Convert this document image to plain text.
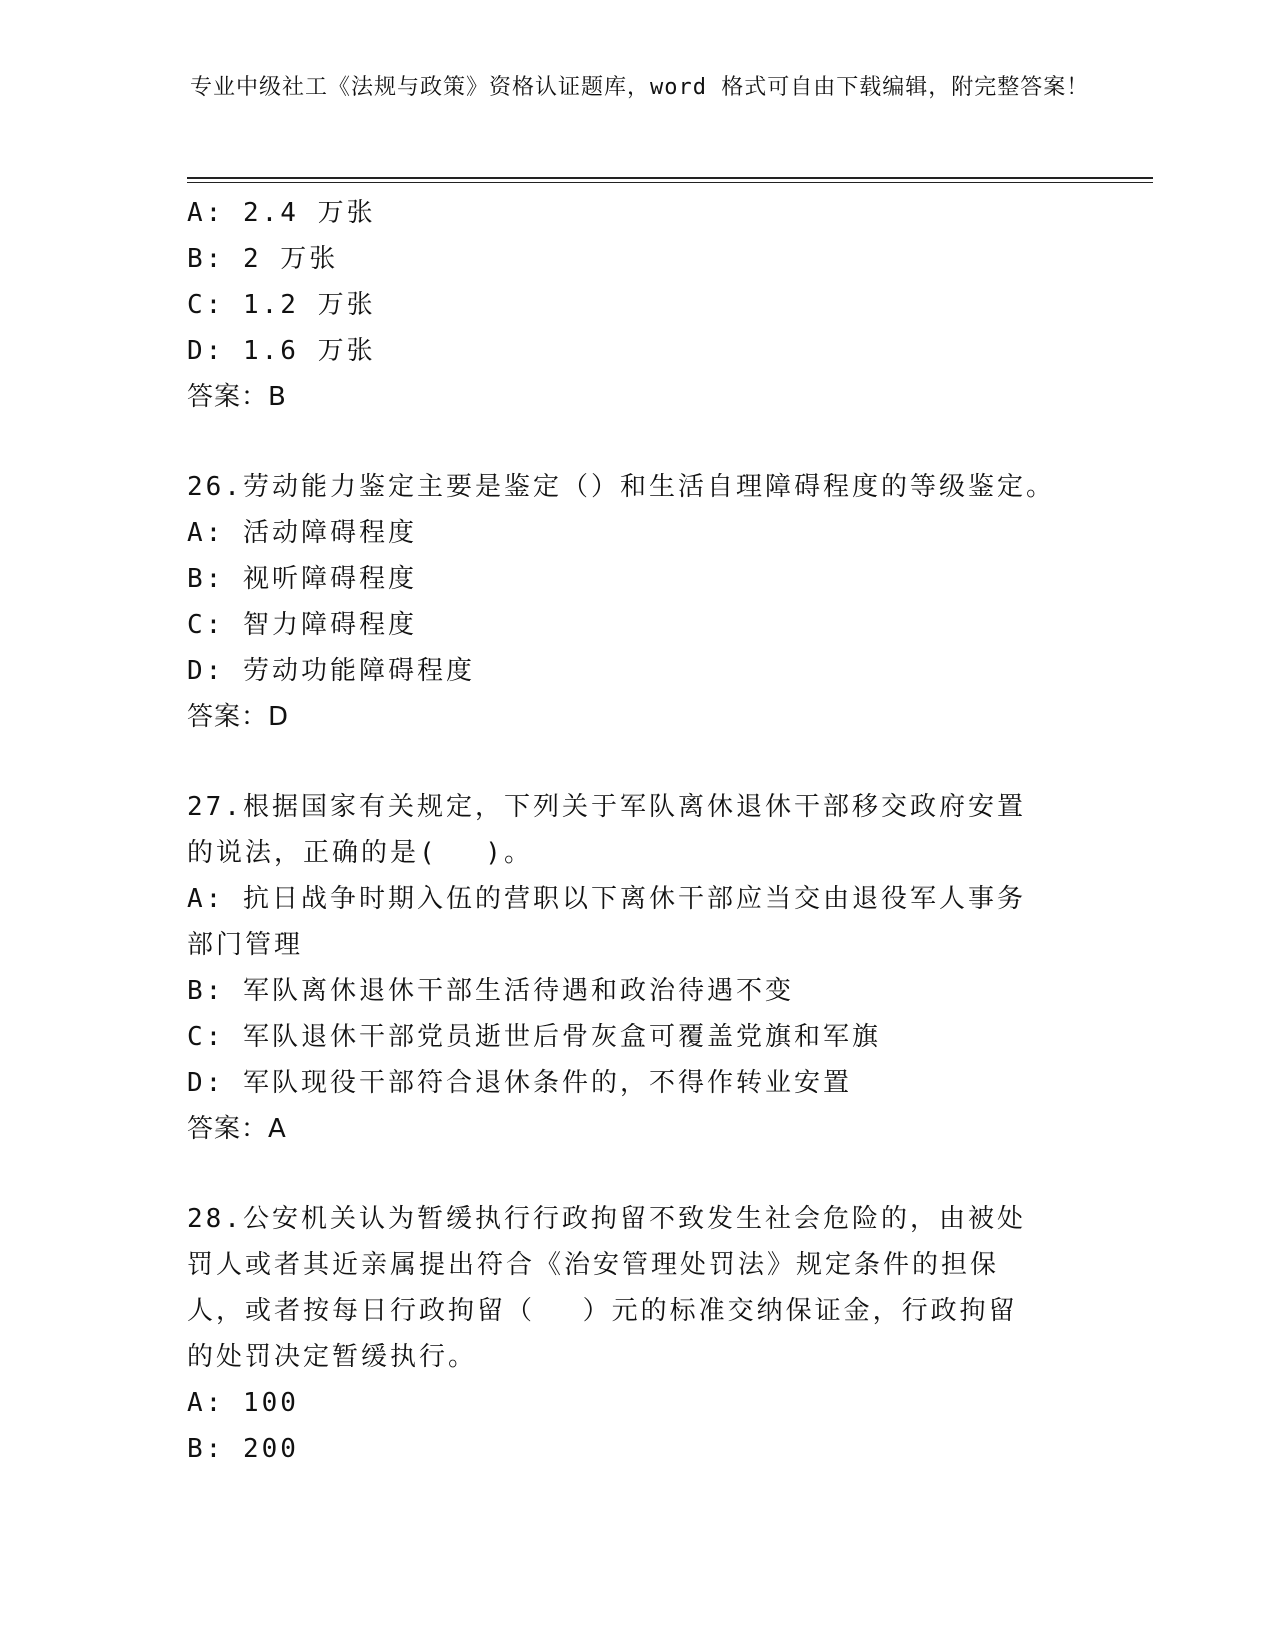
专业中级社工《法规与政策》资格认证题库，word 格式可自由下载编辑，附完整答案！
A: 2.4 万张
B: 2 万张
C: 1.2 万张
D: 1.6 万张
答案：B
26.劳动能力鉴定主要是鉴定（）和生活自理障碍程度的等级鉴定。
A: 活动障碍程度
B: 视听障碍程度
C: 智力障碍程度
D: 劳动功能障碍程度
答案：D
27.根据国家有关规定，下列关于军队离休退休干部移交政府安置的说法，正确的是(　 )。
A: 抗日战争时期入伍的营职以下离休干部应当交由退役军人事务部门管理
B: 军队离休退休干部生活待遇和政治待遇不变
C: 军队退休干部党员逝世后骨灰盒可覆盖党旗和军旗
D: 军队现役干部符合退休条件的，不得作转业安置
答案：A
28.公安机关认为暂缓执行行政拘留不致发生社会危险的，由被处罚人或者其近亲属提出符合《治安管理处罚法》规定条件的担保人，或者按每日行政拘留（　 ）元的标准交纳保证金，行政拘留的处罚决定暂缓执行。
A: 100
B: 200
